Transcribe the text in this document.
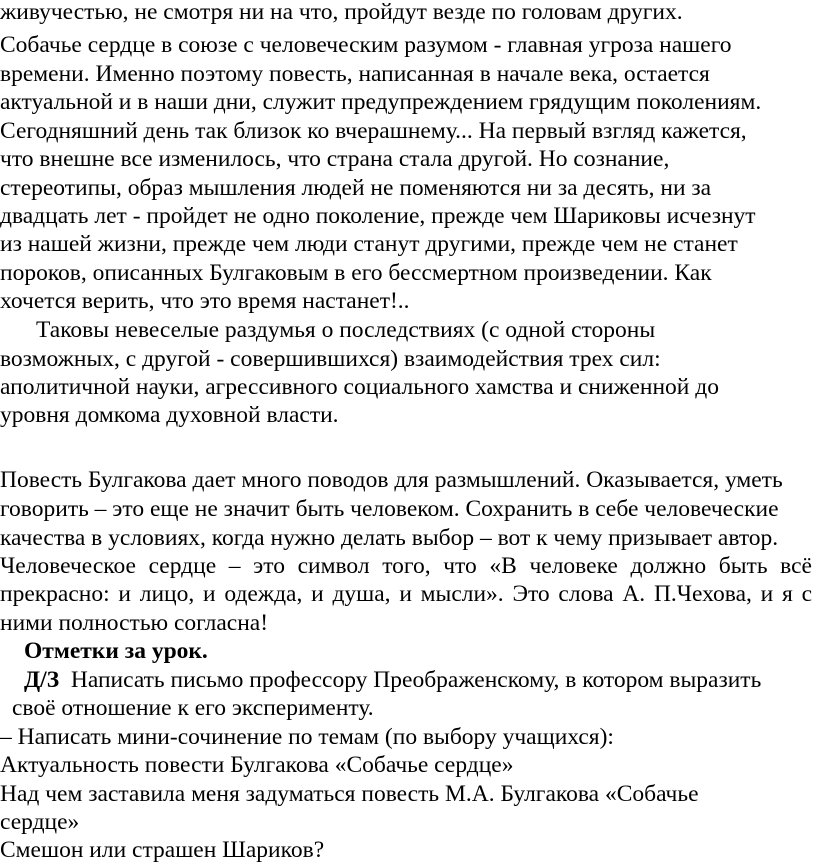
живучестью, не смотря ни на что, пройдут везде по головам других.
Собачье сердце в союзе с человеческим разумом - главная угроза нашего
времени. Именно поэтому повесть, написанная в начале века, остается
актуальной и в наши дни, служит предупреждением грядущим поколениям.
Сегодняшний день так близок ко вчерашнему... На первый взгляд кажется,
что внешне все изменилось, что страна стала другой. Но сознание,
стереотипы, образ мышления людей не поменяются ни за десять, ни за
двадцать лет - пройдет не одно поколение, прежде чем Шариковы исчезнут
из нашей жизни, прежде чем люди станут другими, прежде чем не станет
пороков, описанных Булгаковым в его бессмертном произведении. Как
хочется верить, что это время настанет!..
Таковы невеселые раздумья о последствиях (с одной стороны
возможных, с другой - совершившихся) взаимодействия трех сил:
аполитичной науки, агрессивного социального хамства и сниженной до
уровня домкома духовной власти.
Повесть Булгакова дает много поводов для размышлений. Оказывается, уметь
говорить – это еще не значит быть человеком. Сохранить в себе человеческие
качества в условиях, когда нужно делать выбор – вот к чему призывает автор.
Человеческое сердце – это символ того, что «В человеке должно быть всё
прекрасно: и лицо, и одежда, и душа, и мысли». Это слова А. П.Чехова, и я с
ними полностью согласна!
Отметки за урок.
Д/З Написать письмо профессору Преображенскому, в котором выразить
своё отношение к его эксперименту.
– Написать мини-сочинение по темам (по выбору учащихся):
Актуальность повести Булгакова «Собачье сердце»
Над чем заставила меня задуматься повесть М.А. Булгакова «Собачье
сердце»
Смешон или страшен Шариков?
